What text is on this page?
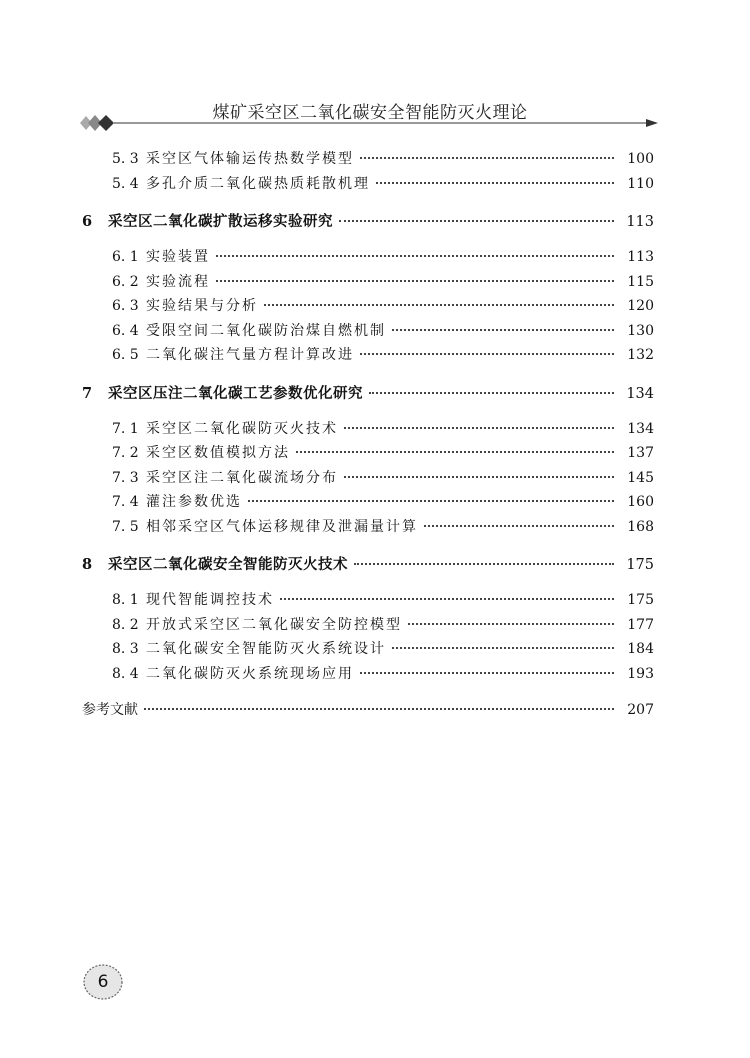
煤矿采空区二氧化碳安全智能防灭火理论
5. 3 采空区气体输运传热数学模型	100
5. 4 多孔介质二氧化碳热质耗散机理	110
6	采空区二氧化碳扩散运移实验研究	113
6. 1 实验装置	113
6. 2 实验流程	115
6. 3 实验结果与分析	120
6. 4 受限空间二氧化碳防治煤自燃机制	130
6. 5 二氧化碳注气量方程计算改进	132
7	采空区压注二氧化碳工艺参数优化研究	134
7. 1 采空区二氧化碳防灭火技术	134
7. 2 采空区数值模拟方法	137
7. 3 采空区注二氧化碳流场分布	145
7. 4 灌注参数优选	160
7. 5 相邻采空区气体运移规律及泄漏量计算	168
8	采空区二氧化碳安全智能防灭火技术	175
8. 1 现代智能调控技术	175
8. 2 开放式采空区二氧化碳安全防控模型	177
8. 3 二氧化碳安全智能防灭火系统设计	184
8. 4 二氧化碳防灭火系统现场应用	193
参考文献	207
6
